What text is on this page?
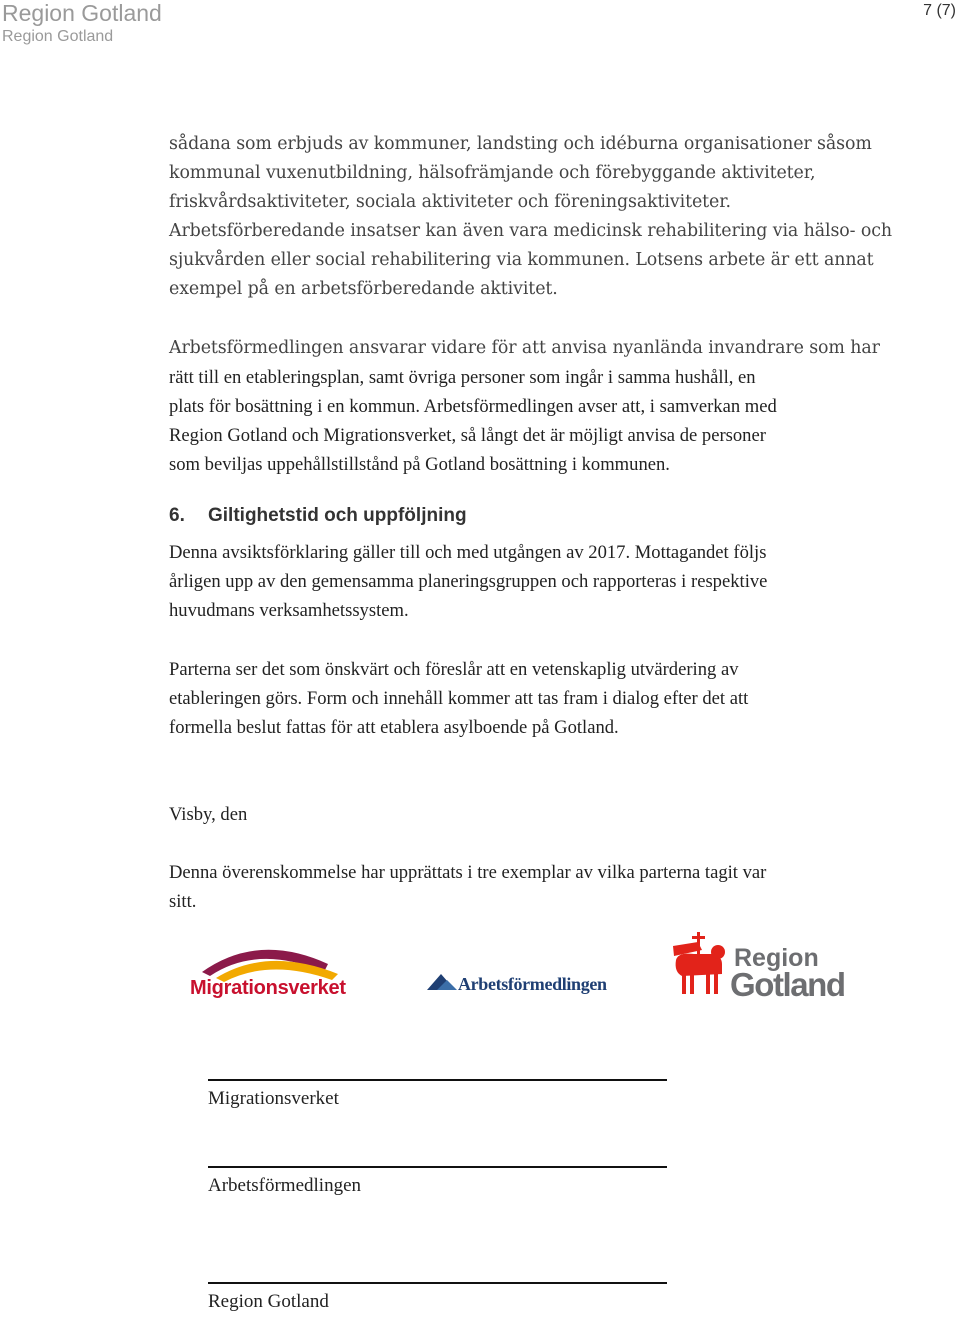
Region Gotland
Region Gotland
7 (7)
sådana som erbjuds av kommuner, landsting och idéburna organisationer såsom
kommunal vuxenutbildning, hälsofrämjande och förebyggande aktiviteter,
friskvårdsaktiviteter, sociala aktiviteter och föreningsaktiviteter.
Arbetsförberedande insatser kan även vara medicinsk rehabilitering via hälso- och
sjukvården eller social rehabilitering via kommunen. Lotsens arbete är ett annat
exempel på en arbetsförberedande aktivitet.
Arbetsförmedlingen ansvarar vidare för att anvisa nyanlända invandrare som har
rätt till en etableringsplan, samt övriga personer som ingår i samma hushåll, en
plats för bosättning i en kommun. Arbetsförmedlingen avser att, i samverkan med
Region Gotland och Migrationsverket, så långt det är möjligt anvisa de personer
som beviljas uppehållstillstånd på Gotland bosättning i kommunen.
6. Giltighetstid och uppföljning
Denna avsiktsförklaring gäller till och med utgången av 2017. Mottagandet följs
årligen upp av den gemensamma planeringsgruppen och rapporteras i respektive
huvudmans verksamhetssystem.
Parterna ser det som önskvärt och föreslår att en vetenskaplig utvärdering av
etableringen görs. Form och innehåll kommer att tas fram i dialog efter det att
formella beslut fattas för att etablera asylboende på Gotland.
Visby, den
Denna överenskommelse har upprättats i tre exemplar av vilka parterna tagit var
sitt.
Migrationsverket	Arbetsförmedlingen
Region
Gotland
Migrationsverket
Arbetsförmedlingen
Region Gotland
